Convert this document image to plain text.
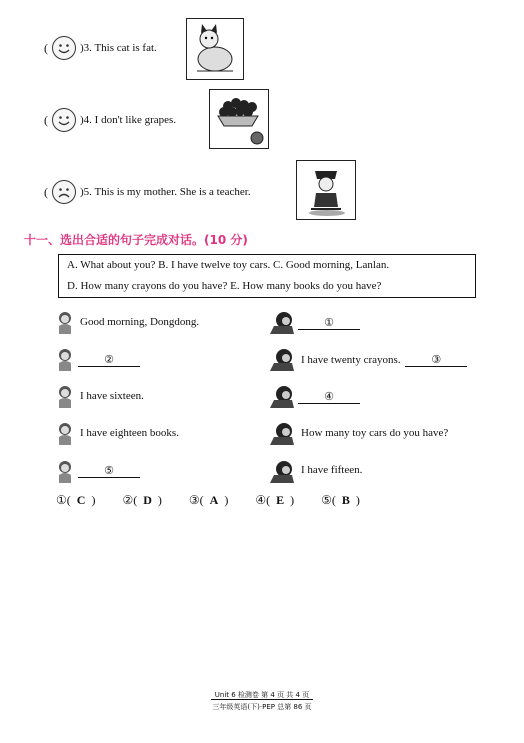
(	)3. This cat is fat.
(	)4. I don't like grapes.
(	)5. This is my mother. She is a teacher.
十一、选出合适的句子完成对话。(10 分)
A. What about you? B. I have twelve toy cars. C. Good morning, Lanlan.
D. How many crayons do you have? E. How many books do you have?
Good morning, Dongdong.	①
②	I have twenty crayons.	③
I have sixteen.	④
I have eighteen books.	How many toy cars do you have?
⑤	I have fifteen.
①( C ) ②( D ) ③( A ) ④( E ) ⑤( B )
Unit 6 检测卷 第 4 页 共 4 页
三年级英语(下)·PEP 总第 86 页
